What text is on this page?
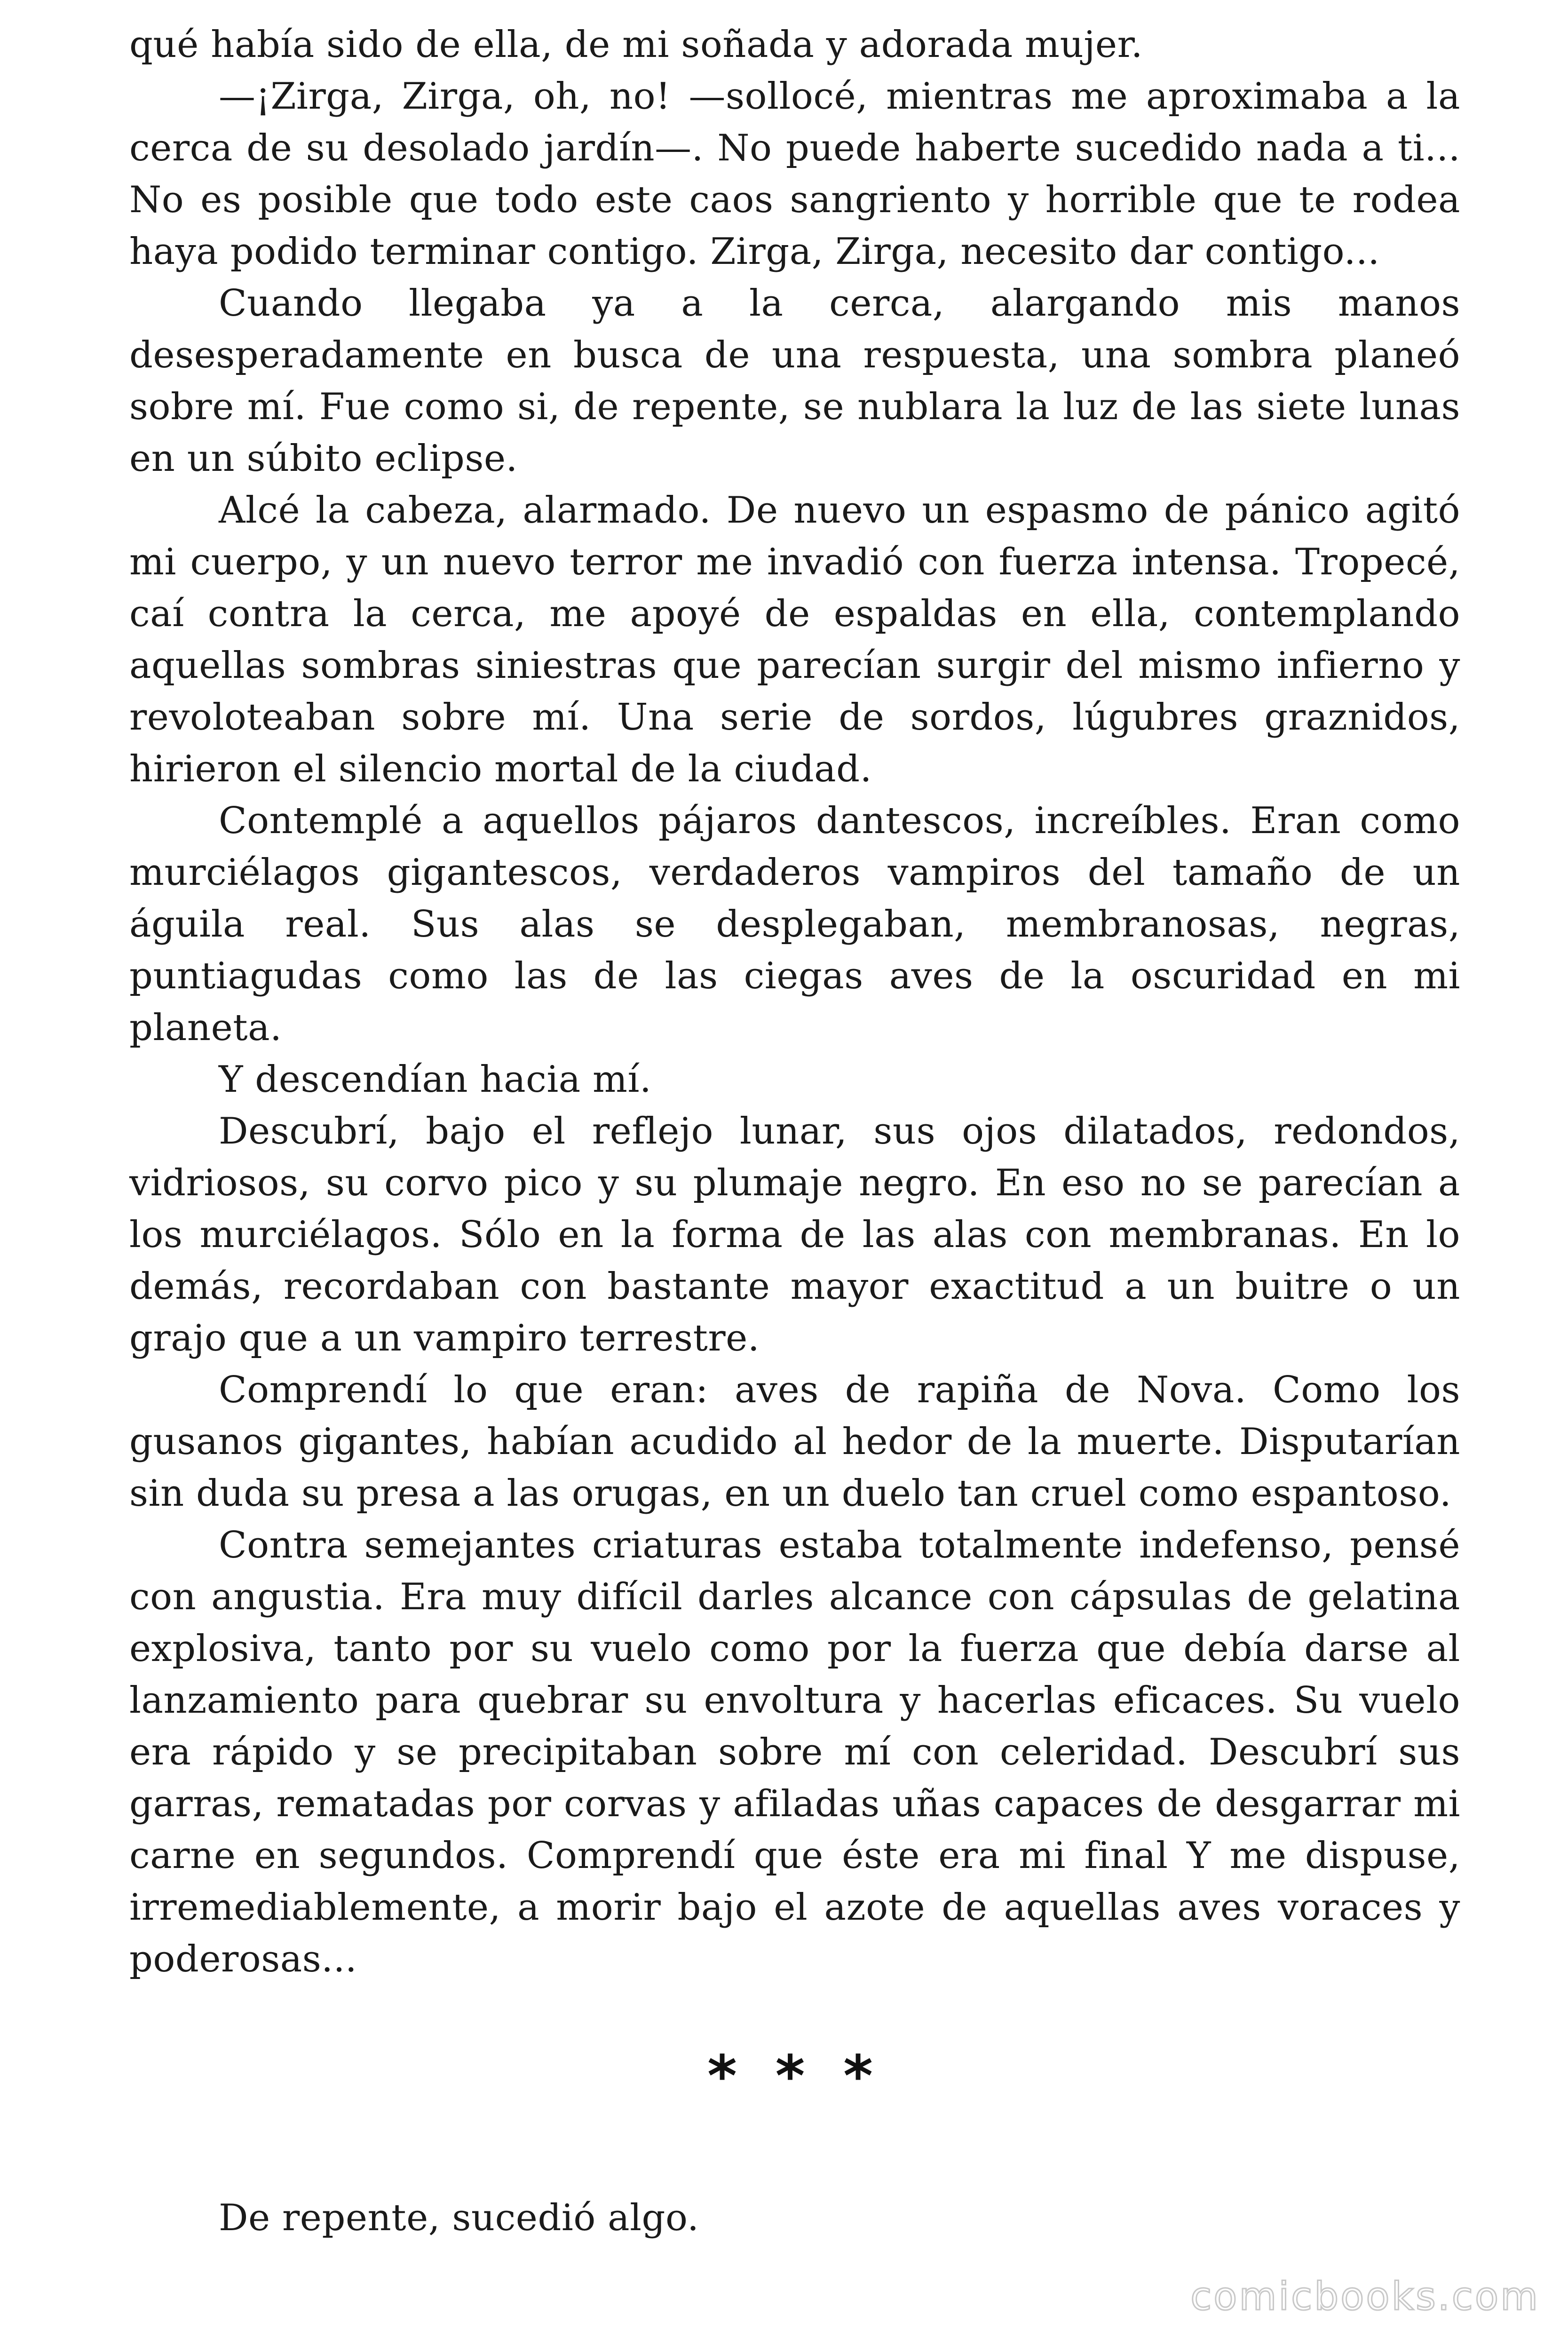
qué había sido de ella, de mi soñada y adorada mujer.

—¡Zirga, Zirga, oh, no! —sollocé, mientras me aproximaba a la cerca de su desolado jardín—. No puede haberte sucedido nada a ti... No es posible que todo este caos sangriento y horrible que te rodea haya podido terminar contigo. Zirga, Zirga, necesito dar contigo...

Cuando llegaba ya a la cerca, alargando mis manos desesperadamente en busca de una respuesta, una sombra planeó sobre mí. Fue como si, de repente, se nublara la luz de las siete lunas en un súbito eclipse.

Alcé la cabeza, alarmado. De nuevo un espasmo de pánico agitó mi cuerpo, y un nuevo terror me invadió con fuerza intensa. Tropecé, caí contra la cerca, me apoyé de espaldas en ella, contemplando aquellas sombras siniestras que parecían surgir del mismo infierno y revoloteaban sobre mí. Una serie de sordos, lúgubres graznidos, hirieron el silencio mortal de la ciudad.

Contemplé a aquellos pájaros dantescos, increíbles. Eran como murciélagos gigantescos, verdaderos vampiros del tamaño de un águila real. Sus alas se desplegaban, membranosas, negras, puntiagudas como las de las ciegas aves de la oscuridad en mi planeta.

Y descendían hacia mí.

Descubrí, bajo el reflejo lunar, sus ojos dilatados, redondos, vidriosos, su corvo pico y su plumaje negro. En eso no se parecían a los murciélagos. Sólo en la forma de las alas con membranas. En lo demás, recordaban con bastante mayor exactitud a un buitre o un grajo que a un vampiro terrestre.

Comprendí lo que eran: aves de rapiña de Nova. Como los gusanos gigantes, habían acudido al hedor de la muerte. Disputarían sin duda su presa a las orugas, en un duelo tan cruel como espantoso.

Contra semejantes criaturas estaba totalmente indefenso, pensé con angustia. Era muy difícil darles alcance con cápsulas de gelatina explosiva, tanto por su vuelo como por la fuerza que debía darse al lanzamiento para quebrar su envoltura y hacerlas eficaces. Su vuelo era rápido y se precipitaban sobre mí con celeridad. Descubrí sus garras, rematadas por corvas y afiladas uñas capaces de desgarrar mi carne en segundos. Comprendí que éste era mi final Y me dispuse, irremediablemente, a morir bajo el azote de aquellas aves voraces y poderosas...

* * *

De repente, sucedió algo.

comicbooks.com
